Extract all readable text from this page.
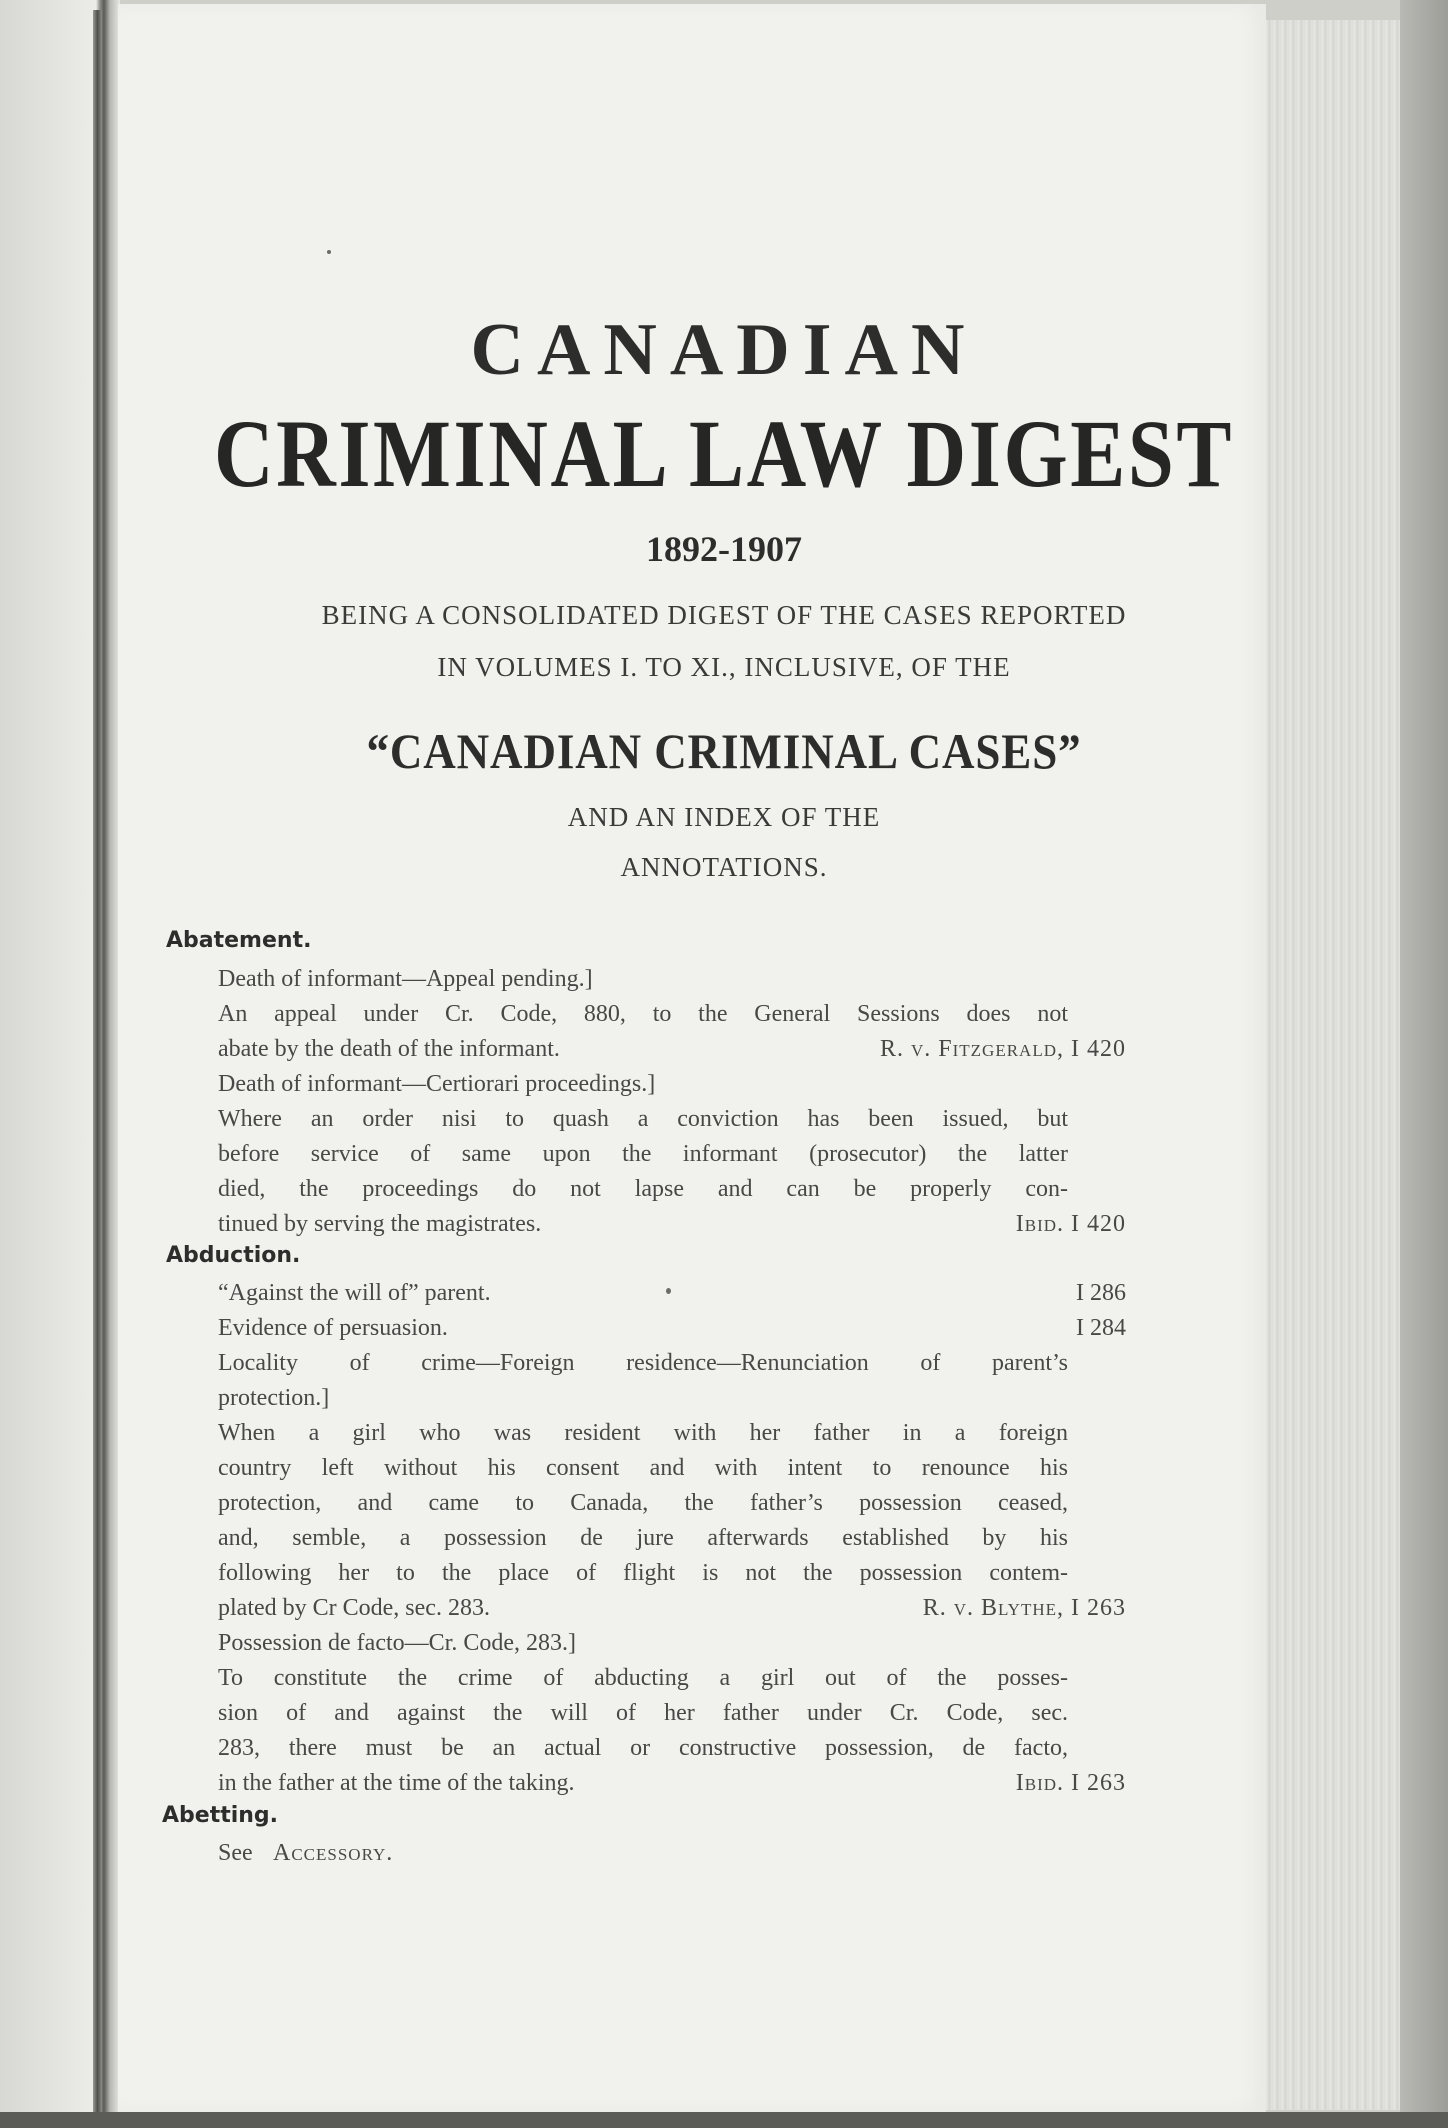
CANADIAN
CRIMINAL LAW DIGEST
1892-1907
BEING A CONSOLIDATED DIGEST OF THE CASES REPORTED
IN VOLUMES I. TO XI., INCLUSIVE, OF THE
“CANADIAN CRIMINAL CASES”
AND AN INDEX OF THE
ANNOTATIONS.
Abatement.
Death of informant—Appeal pending.]
An appeal under Cr. Code, 880, to the General Sessions does not
abate by the death of the informant.	R. v. Fitzgerald, I 420
Death of informant—Certiorari proceedings.]
Where an order nisi to quash a conviction has been issued, but
before service of same upon the informant (prosecutor) the latter
died, the proceedings do not lapse and can be properly con-
tinued by serving the magistrates.	Ibid. I 420
Abduction.
“Against the will of” parent.	I 286
Evidence of persuasion.	I 284
Locality of crime—Foreign residence—Renunciation of parent’s
protection.]
When a girl who was resident with her father in a foreign
country left without his consent and with intent to renounce his
protection, and came to Canada, the father’s possession ceased,
and, semble, a possession de jure afterwards established by his
following her to the place of flight is not the possession contem-
plated by Cr Code, sec. 283.	R. v. Blythe, I 263
Possession de facto—Cr. Code, 283.]
To constitute the crime of abducting a girl out of the posses-
sion of and against the will of her father under Cr. Code, sec.
283, there must be an actual or constructive possession, de facto,
in the father at the time of the taking.	Ibid. I 263
Abetting.
See Accessory.
